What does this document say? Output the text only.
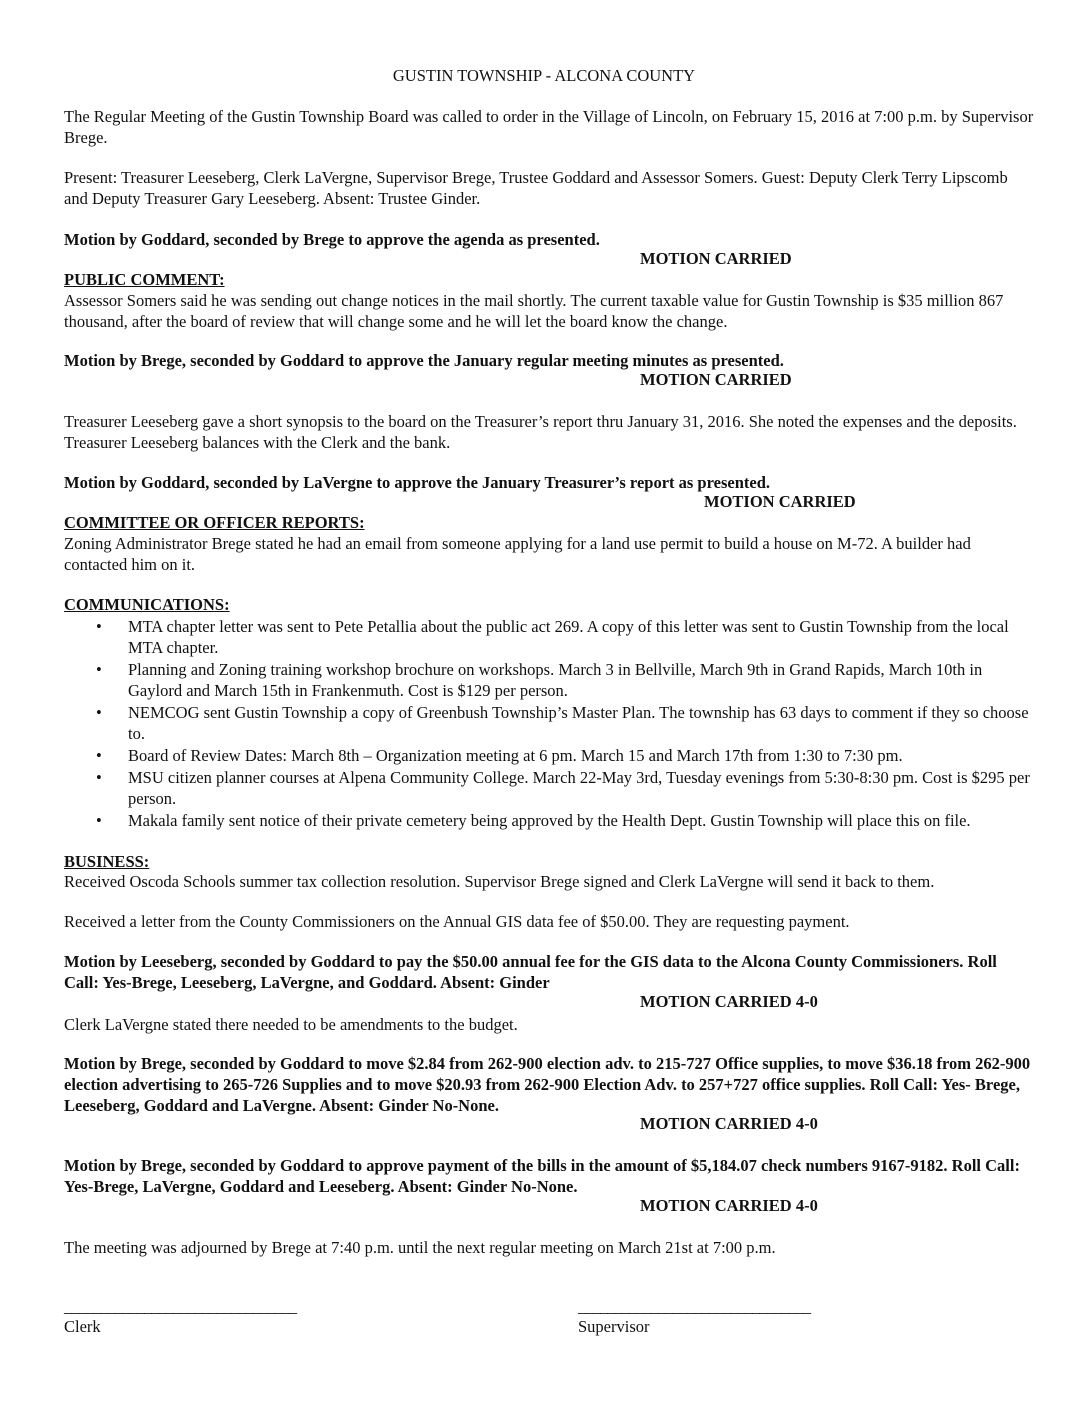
GUSTIN TOWNSHIP - ALCONA COUNTY

The Regular Meeting of the Gustin Township Board was called to order in the Village of Lincoln, on February 15, 2016 at 7:00 p.m. by Supervisor Brege.

Present: Treasurer Leeseberg, Clerk LaVergne, Supervisor Brege, Trustee Goddard and Assessor Somers. Guest: Deputy Clerk Terry Lipscomb and Deputy Treasurer Gary Leeseberg. Absent: Trustee Ginder.

Motion by Goddard, seconded by Brege to approve the agenda as presented.

MOTION CARRIED

PUBLIC COMMENT:

Assessor Somers said he was sending out change notices in the mail shortly. The current taxable value for Gustin Township is $35 million 867 thousand, after the board of review that will change some and he will let the board know the change.

Motion by Brege, seconded by Goddard to approve the January regular meeting minutes as presented.

MOTION CARRIED

Treasurer Leeseberg gave a short synopsis to the board on the Treasurer’s report thru January 31, 2016. She noted the expenses and the deposits. Treasurer Leeseberg balances with the Clerk and the bank.

Motion by Goddard, seconded by LaVergne to approve the January Treasurer’s report as presented.

MOTION CARRIED

COMMITTEE OR OFFICER REPORTS:

Zoning Administrator Brege stated he had an email from someone applying for a land use permit to build a house on M-72. A builder had contacted him on it.

COMMUNICATIONS:

• MTA chapter letter was sent to Pete Petallia about the public act 269. A copy of this letter was sent to Gustin Township from the local MTA chapter.
• Planning and Zoning training workshop brochure on workshops. March 3 in Bellville, March 9th in Grand Rapids, March 10th in Gaylord and March 15th in Frankenmuth. Cost is $129 per person.
• NEMCOG sent Gustin Township a copy of Greenbush Township’s Master Plan. The township has 63 days to comment if they so choose to.
• Board of Review Dates: March 8th – Organization meeting at 6 pm. March 15 and March 17th from 1:30 to 7:30 pm.
• MSU citizen planner courses at Alpena Community College. March 22-May 3rd, Tuesday evenings from 5:30-8:30 pm. Cost is $295 per person.
• Makala family sent notice of their private cemetery being approved by the Health Dept. Gustin Township will place this on file.

BUSINESS:

Received Oscoda Schools summer tax collection resolution. Supervisor Brege signed and Clerk LaVergne will send it back to them.

Received a letter from the County Commissioners on the Annual GIS data fee of $50.00. They are requesting payment.

Motion by Leeseberg, seconded by Goddard to pay the $50.00 annual fee for the GIS data to the Alcona County Commissioners. Roll Call: Yes-Brege, Leeseberg, LaVergne, and Goddard. Absent: Ginder

MOTION CARRIED 4-0

Clerk LaVergne stated there needed to be amendments to the budget.

Motion by Brege, seconded by Goddard to move $2.84 from 262-900 election adv. to 215-727 Office supplies, to move $36.18 from 262-900 election advertising to 265-726 Supplies and to move $20.93 from 262-900 Election Adv. to 257+727 office supplies. Roll Call: Yes- Brege, Leeseberg, Goddard and LaVergne. Absent: Ginder No-None.

MOTION CARRIED 4-0

Motion by Brege, seconded by Goddard to approve payment of the bills in the amount of $5,184.07 check numbers 9167-9182. Roll Call: Yes-Brege, LaVergne, Goddard and Leeseberg. Absent: Ginder No-None.

MOTION CARRIED 4-0

The meeting was adjourned by Brege at 7:40 p.m. until the next regular meeting on March 21st at 7:00 p.m.

________________________________	________________________________
Clerk	Supervisor
